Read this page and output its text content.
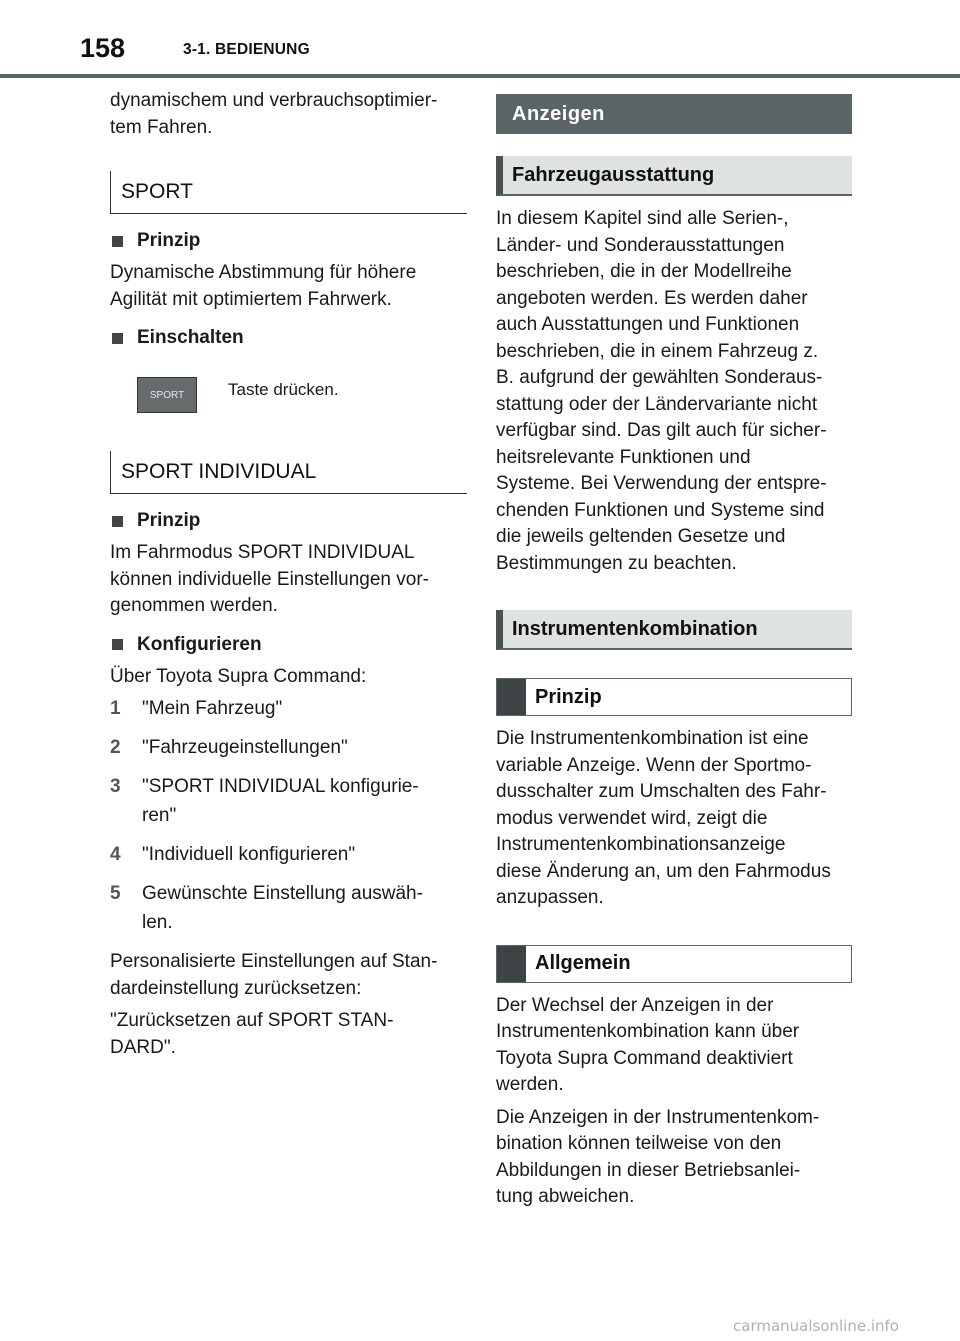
158	3-1. BEDIENUNG

dynamischem und verbrauchsoptimier-

tem Fahren.

SPORT
Prinzip

Dynamische Abstimmung für höhere

Agilität mit optimiertem Fahrwerk.

Einschalten
SPORT	Taste drücken.
SPORT INDIVIDUAL
Prinzip

Im Fahrmodus SPORT INDIVIDUAL

können individuelle Einstellungen vor-

genommen werden.

Konfigurieren

Über Toyota Supra Command:

1	"Mein Fahrzeug"
2	"Fahrzeugeinstellungen"
3	"SPORT INDIVIDUAL konfigurie-
ren"
4	"Individuell konfigurieren"
5	Gewünschte Einstellung auswäh-
len.

Personalisierte Einstellungen auf Stan-

dardeinstellung zurücksetzen:

"Zurücksetzen auf SPORT STAN-

DARD".

Anzeigen
Fahrzeugausstattung

In diesem Kapitel sind alle Serien-,

Länder- und Sonderausstattungen

beschrieben, die in der Modellreihe

angeboten werden. Es werden daher

auch Ausstattungen und Funktionen

beschrieben, die in einem Fahrzeug z.

B. aufgrund der gewählten Sonderaus-

stattung oder der Ländervariante nicht

verfügbar sind. Das gilt auch für sicher-

heitsrelevante Funktionen und

Systeme. Bei Verwendung der entspre-

chenden Funktionen und Systeme sind

die jeweils geltenden Gesetze und

Bestimmungen zu beachten.

Instrumentenkombination
Prinzip

Die Instrumentenkombination ist eine

variable Anzeige. Wenn der Sportmo-

dusschalter zum Umschalten des Fahr-

modus verwendet wird, zeigt die

Instrumentenkombinationsanzeige

diese Änderung an, um den Fahrmodus

anzupassen.

Allgemein

Der Wechsel der Anzeigen in der

Instrumentenkombination kann über

Toyota Supra Command deaktiviert

werden.

Die Anzeigen in der Instrumentenkom-

bination können teilweise von den

Abbildungen in dieser Betriebsanlei-

tung abweichen.

carmanualsonline.info
